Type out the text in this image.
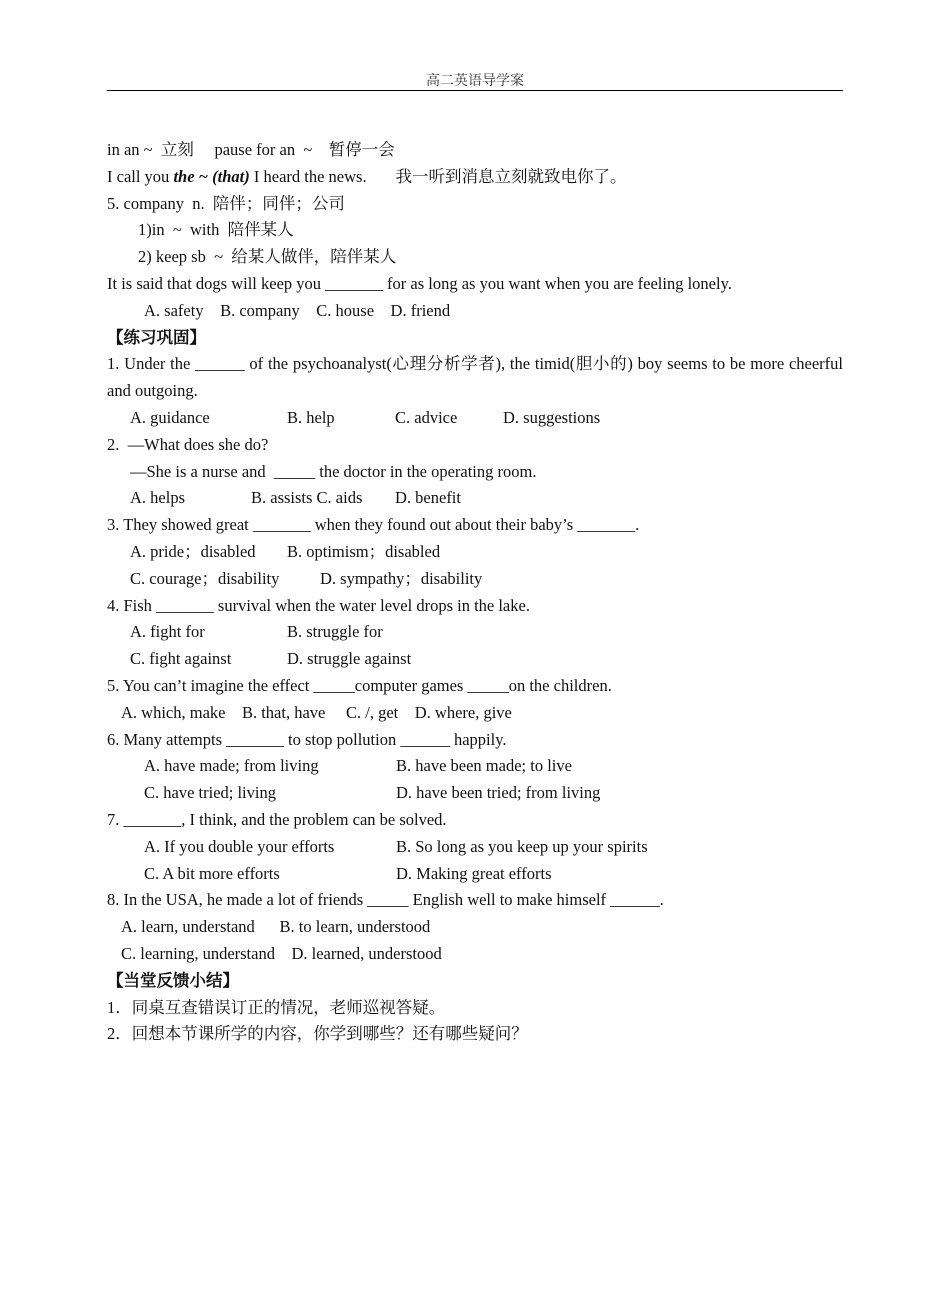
高二英语导学案
in an ~  立刻     pause for an  ~    暂停一会
I call you the ~ (that) I heard the news.       我一听到消息立刻就致电你了。
5. company  n.  陪伴；同伴；公司
1)in  ~  with  陪伴某人
2) keep sb  ~  给某人做伴，陪伴某人
It is said that dogs will keep you _______ for as long as you want when you are feeling lonely.
A. safety    B. company    C. house    D. friend
【练习巩固】
1. Under the ______ of the psychoanalyst(心理分析学者), the timid(胆小的) boy seems to be more cheerful and outgoing.
A. guidance	B. help	C. advice	D. suggestions
2.  —What does she do?
—She is a nurse and  _____ the doctor in the operating room.
A. helps	B. assists C. aids D. benefit
3. They showed great _______ when they found out about their baby’s _______.
A. pride；disabled B. optimism；disabled
C. courage；disability D. sympathy；disability
4. Fish _______ survival when the water level drops in the lake.
A. fight for	B. struggle for
C. fight against	D. struggle against
5. You can’t imagine the effect _____computer games _____on the children.
A. which, make    B. that, have     C. /, get    D. where, give
6. Many attempts _______ to stop pollution ______ happily.
A. have made; from living	B. have been made; to live
C. have tried; living	D. have been tried; from living
7. _______, I think, and the problem can be solved.
A. If you double your efforts	B. So long as you keep up your spirits
C. A bit more efforts	D. Making great efforts
8. In the USA, he made a lot of friends _____ English well to make himself ______.
A. learn, understand      B. to learn, understood
C. learning, understand    D. learned, understood
【当堂反馈小结】
1．同桌互查错误订正的情况，老师巡视答疑。
2．回想本节课所学的内容，你学到哪些？还有哪些疑问？
